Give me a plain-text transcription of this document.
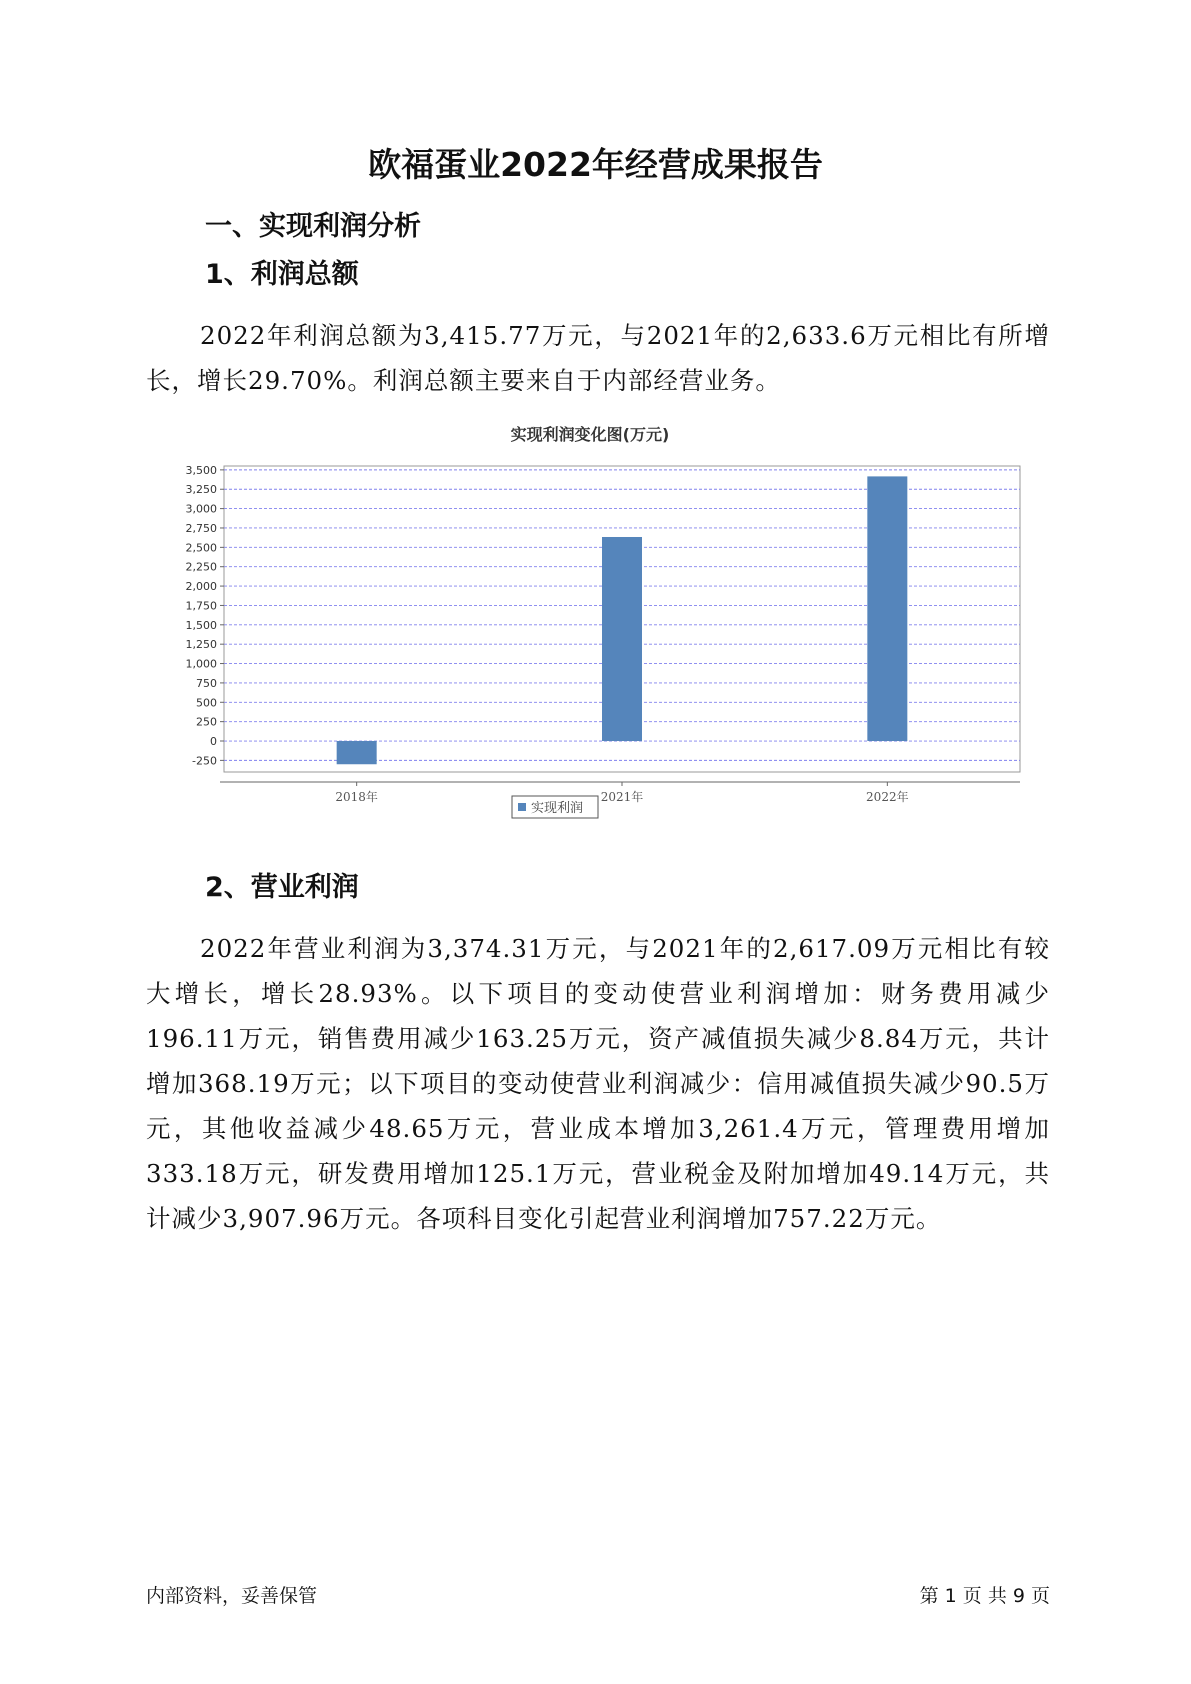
欧福蛋业2022年经营成果报告
一、实现利润分析
1、利润总额

2022年利润总额为3,415.77万元，与2021年的2,633.6万元相比有所增长，增长29.70%。利润总额主要来自于内部经营业务。

实现利润变化图(万元)
-250
0
250
500
750
1,000
1,250
1,500
1,750
2,000
2,250
2,500
2,750
3,000
3,250
3,500
2018年	2021年	2022年
实现利润
2、营业利润

2022年营业利润为3,374.31万元，与2021年的2,617.09万元相比有较大增长，增长28.93%。以下项目的变动使营业利润增加：财务费用减少196.11万元，销售费用减少163.25万元，资产减值损失减少8.84万元，共计增加368.19万元；以下项目的变动使营业利润减少：信用减值损失减少90.5万元，其他收益减少48.65万元，营业成本增加3,261.4万元，管理费用增加333.18万元，研发费用增加125.1万元，营业税金及附加增加49.14万元，共计减少3,907.96万元。各项科目变化引起营业利润增加757.22万元。

内部资料，妥善保管	第 1 页 共 9 页
